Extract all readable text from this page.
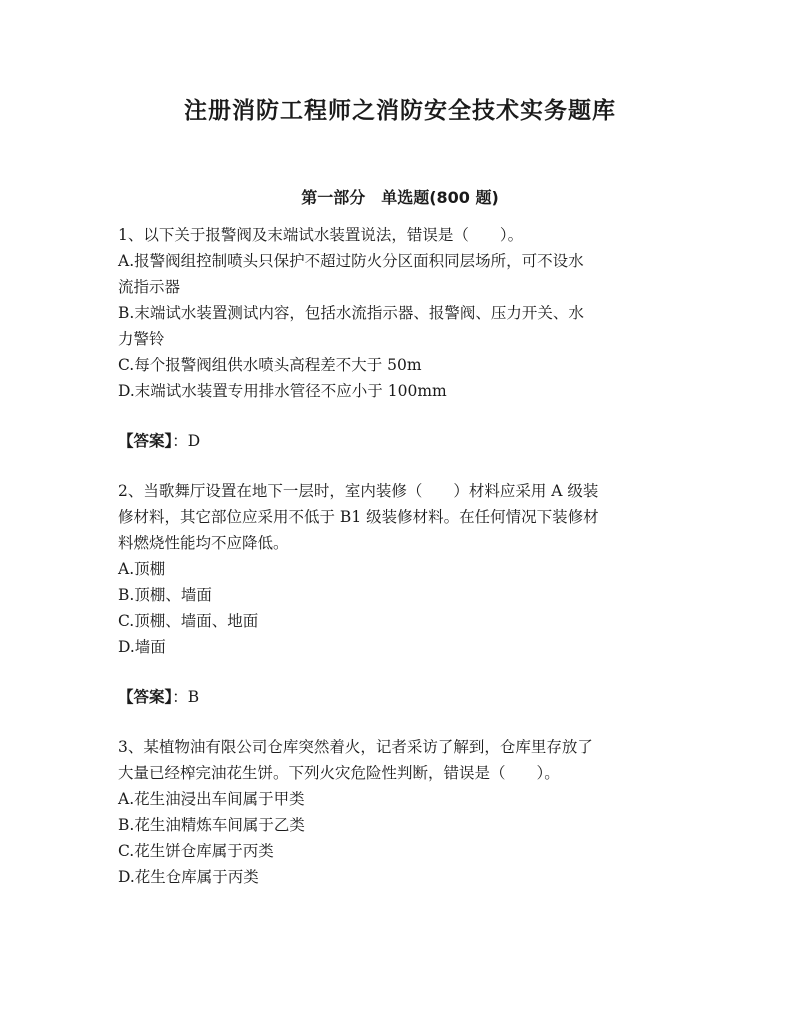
注册消防工程师之消防安全技术实务题库
第一部分　单选题(800 题)
1、以下关于报警阀及末端试水装置说法，错误是（　　）。
A.报警阀组控制喷头只保护不超过防火分区面积同层场所，可不设水
流指示器
B.末端试水装置测试内容，包括水流指示器、报警阀、压力开关、水
力警铃
C.每个报警阀组供水喷头高程差不大于 50m
D.末端试水装置专用排水管径不应小于 100mm
【答案】：D
2、当歌舞厅设置在地下一层时，室内装修（　　）材料应采用 A 级装
修材料，其它部位应采用不低于 B1 级装修材料。在任何情况下装修材
料燃烧性能均不应降低。
A.顶棚
B.顶棚、墙面
C.顶棚、墙面、地面
D.墙面
【答案】：B
3、某植物油有限公司仓库突然着火，记者采访了解到，仓库里存放了
大量已经榨完油花生饼。下列火灾危险性判断，错误是（　　）。
A.花生油浸出车间属于甲类
B.花生油精炼车间属于乙类
C.花生饼仓库属于丙类
D.花生仓库属于丙类
